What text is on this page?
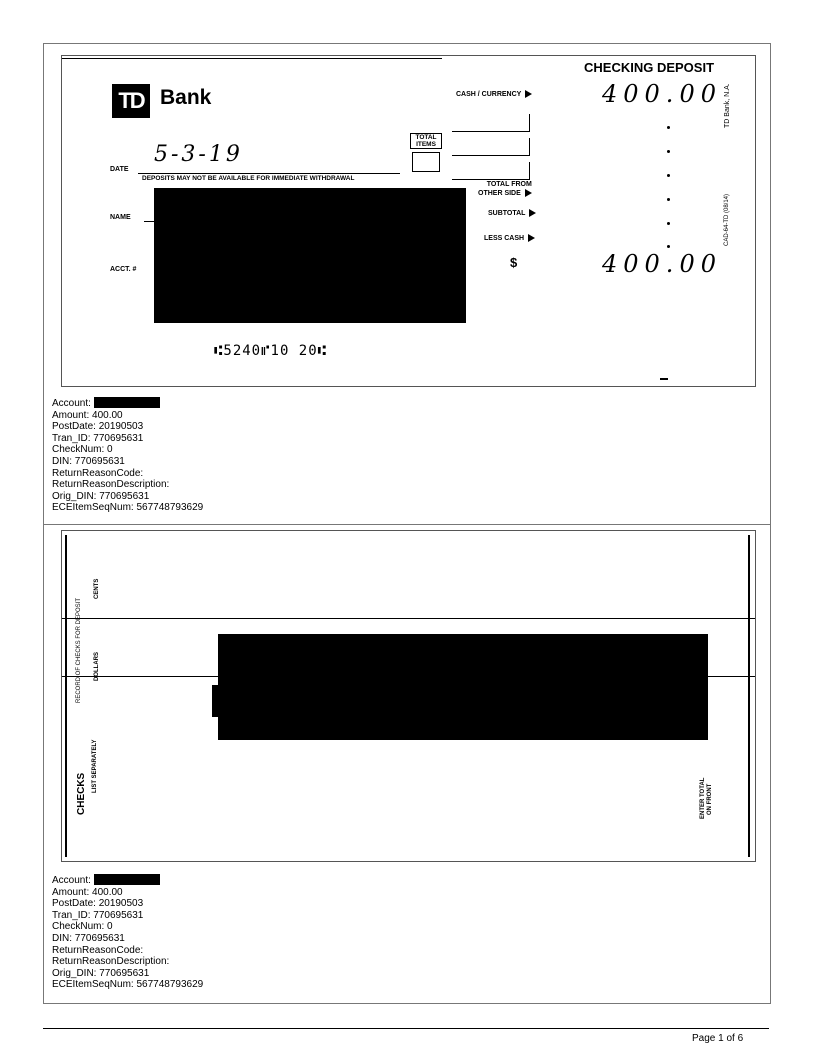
CHECKING DEPOSIT
TD Bank	CASH / CURRENCY	400.00
TOTAL ITEMS
TOTAL FROM
OTHER SIDE
SUBTOTAL
LESS CASH
$	400.00
TD Bank, N.A.
CAD-64-TD (08/14)
DATE
5-3-19
DEPOSITS MAY NOT BE AVAILABLE FOR IMMEDIATE WITHDRAWAL
NAME
ACCT. #
⑆5240⑈10 20⑆
Account:
Amount: 400.00
PostDate: 20190503
Tran_ID: 770695631
CheckNum: 0
DIN: 770695631
ReturnReasonCode:
ReturnReasonDescription:
Orig_DIN: 770695631
ECEItemSeqNum: 567748793629
RECORD OF CHECKS FOR DEPOSIT
CENTS
DOLLARS
CHECKS
LIST SEPARATELY
ENTER TOTAL ON FRONT
Account:
Amount: 400.00
PostDate: 20190503
Tran_ID: 770695631
CheckNum: 0
DIN: 770695631
ReturnReasonCode:
ReturnReasonDescription:
Orig_DIN: 770695631
ECEItemSeqNum: 567748793629
Page 1 of 6
